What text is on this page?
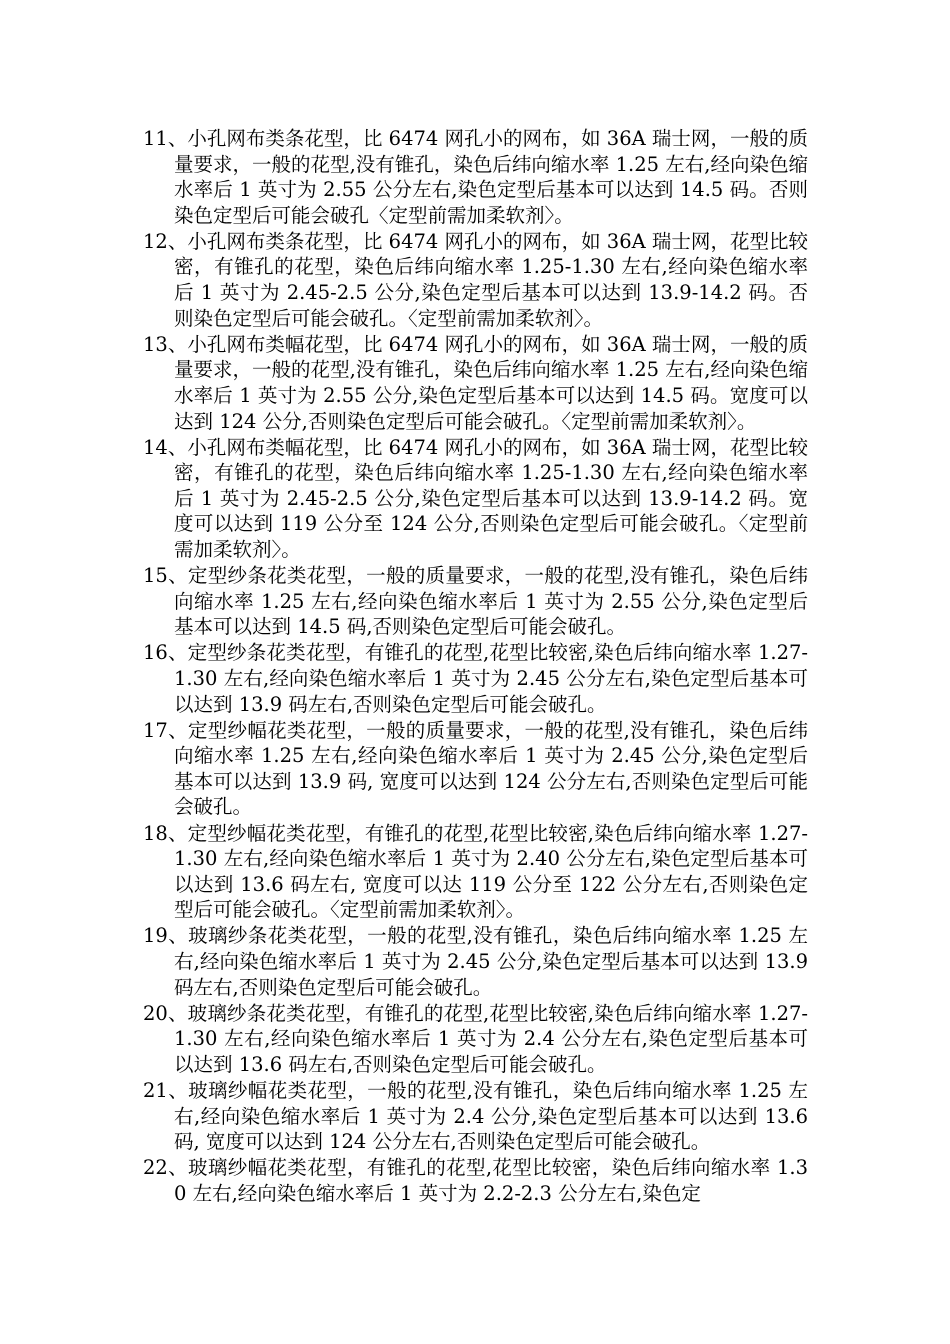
11、小孔网布类条花型，比 6474 网孔小的网布，如 36A 瑞士网，一般的质量要求，一般的花型,没有锥孔，染色后纬向缩水率 1.25 左右,经向染色缩水率后 1 英寸为 2.55 公分左右,染色定型后基本可以达到 14.5 码。否则染色定型后可能会破孔〈定型前需加柔软剂〉。
12、小孔网布类条花型，比 6474 网孔小的网布，如 36A 瑞士网，花型比较密，有锥孔的花型，染色后纬向缩水率 1.25-1.30 左右,经向染色缩水率后 1 英寸为 2.45-2.5 公分,染色定型后基本可以达到 13.9-14.2 码。否则染色定型后可能会破孔。〈定型前需加柔软剂〉。
13、小孔网布类幅花型，比 6474 网孔小的网布，如 36A 瑞士网，一般的质量要求，一般的花型,没有锥孔，染色后纬向缩水率 1.25 左右,经向染色缩水率后 1 英寸为 2.55 公分,染色定型后基本可以达到 14.5 码。宽度可以达到 124 公分,否则染色定型后可能会破孔。〈定型前需加柔软剂〉。
14、小孔网布类幅花型，比 6474 网孔小的网布，如 36A 瑞士网，花型比较密，有锥孔的花型，染色后纬向缩水率 1.25-1.30 左右,经向染色缩水率后 1 英寸为 2.45-2.5 公分,染色定型后基本可以达到 13.9-14.2 码。宽度可以达到 119 公分至 124 公分,否则染色定型后可能会破孔。〈定型前需加柔软剂〉。
15、定型纱条花类花型，一般的质量要求，一般的花型,没有锥孔，染色后纬向缩水率 1.25 左右,经向染色缩水率后 1 英寸为 2.55 公分,染色定型后基本可以达到 14.5 码,否则染色定型后可能会破孔。
16、定型纱条花类花型，有锥孔的花型,花型比较密,染色后纬向缩水率 1.27-1.30 左右,经向染色缩水率后 1 英寸为 2.45 公分左右,染色定型后基本可以达到 13.9 码左右,否则染色定型后可能会破孔。
17、定型纱幅花类花型，一般的质量要求，一般的花型,没有锥孔，染色后纬向缩水率 1.25 左右,经向染色缩水率后 1 英寸为 2.45 公分,染色定型后基本可以达到 13.9 码, 宽度可以达到 124 公分左右,否则染色定型后可能会破孔。
18、定型纱幅花类花型，有锥孔的花型,花型比较密,染色后纬向缩水率 1.27-1.30 左右,经向染色缩水率后 1 英寸为 2.40 公分左右,染色定型后基本可以达到 13.6 码左右, 宽度可以达 119 公分至 122 公分左右,否则染色定型后可能会破孔。〈定型前需加柔软剂〉。
19、玻璃纱条花类花型，一般的花型,没有锥孔，染色后纬向缩水率 1.25 左右,经向染色缩水率后 1 英寸为 2.45 公分,染色定型后基本可以达到 13.9 码左右,否则染色定型后可能会破孔。
20、玻璃纱条花类花型，有锥孔的花型,花型比较密,染色后纬向缩水率 1.27-1.30 左右,经向染色缩水率后 1 英寸为 2.4 公分左右,染色定型后基本可以达到 13.6 码左右,否则染色定型后可能会破孔。
21、玻璃纱幅花类花型，一般的花型,没有锥孔，染色后纬向缩水率 1.25 左右,经向染色缩水率后 1 英寸为 2.4 公分,染色定型后基本可以达到 13.6 码, 宽度可以达到 124 公分左右,否则染色定型后可能会破孔。
22、玻璃纱幅花类花型，有锥孔的花型,花型比较密，染色后纬向缩水率 1.30 左右,经向染色缩水率后 1 英寸为 2.2-2.3 公分左右,染色定
